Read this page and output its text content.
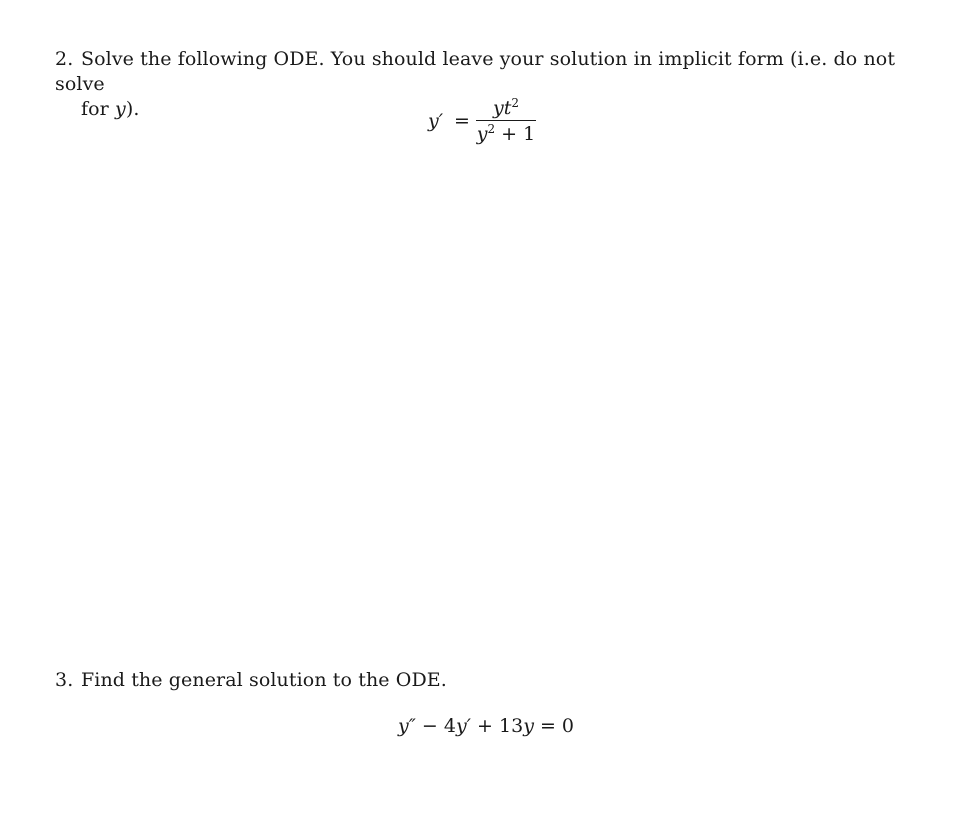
2. Solve the following ODE. You should leave your solution in implicit form (i.e. do not solve
for y).
y′ =
$yt^2$
$y^2 + 1$
3. Find the general solution to the ODE.
y″ − 4y′ + 13y = 0
